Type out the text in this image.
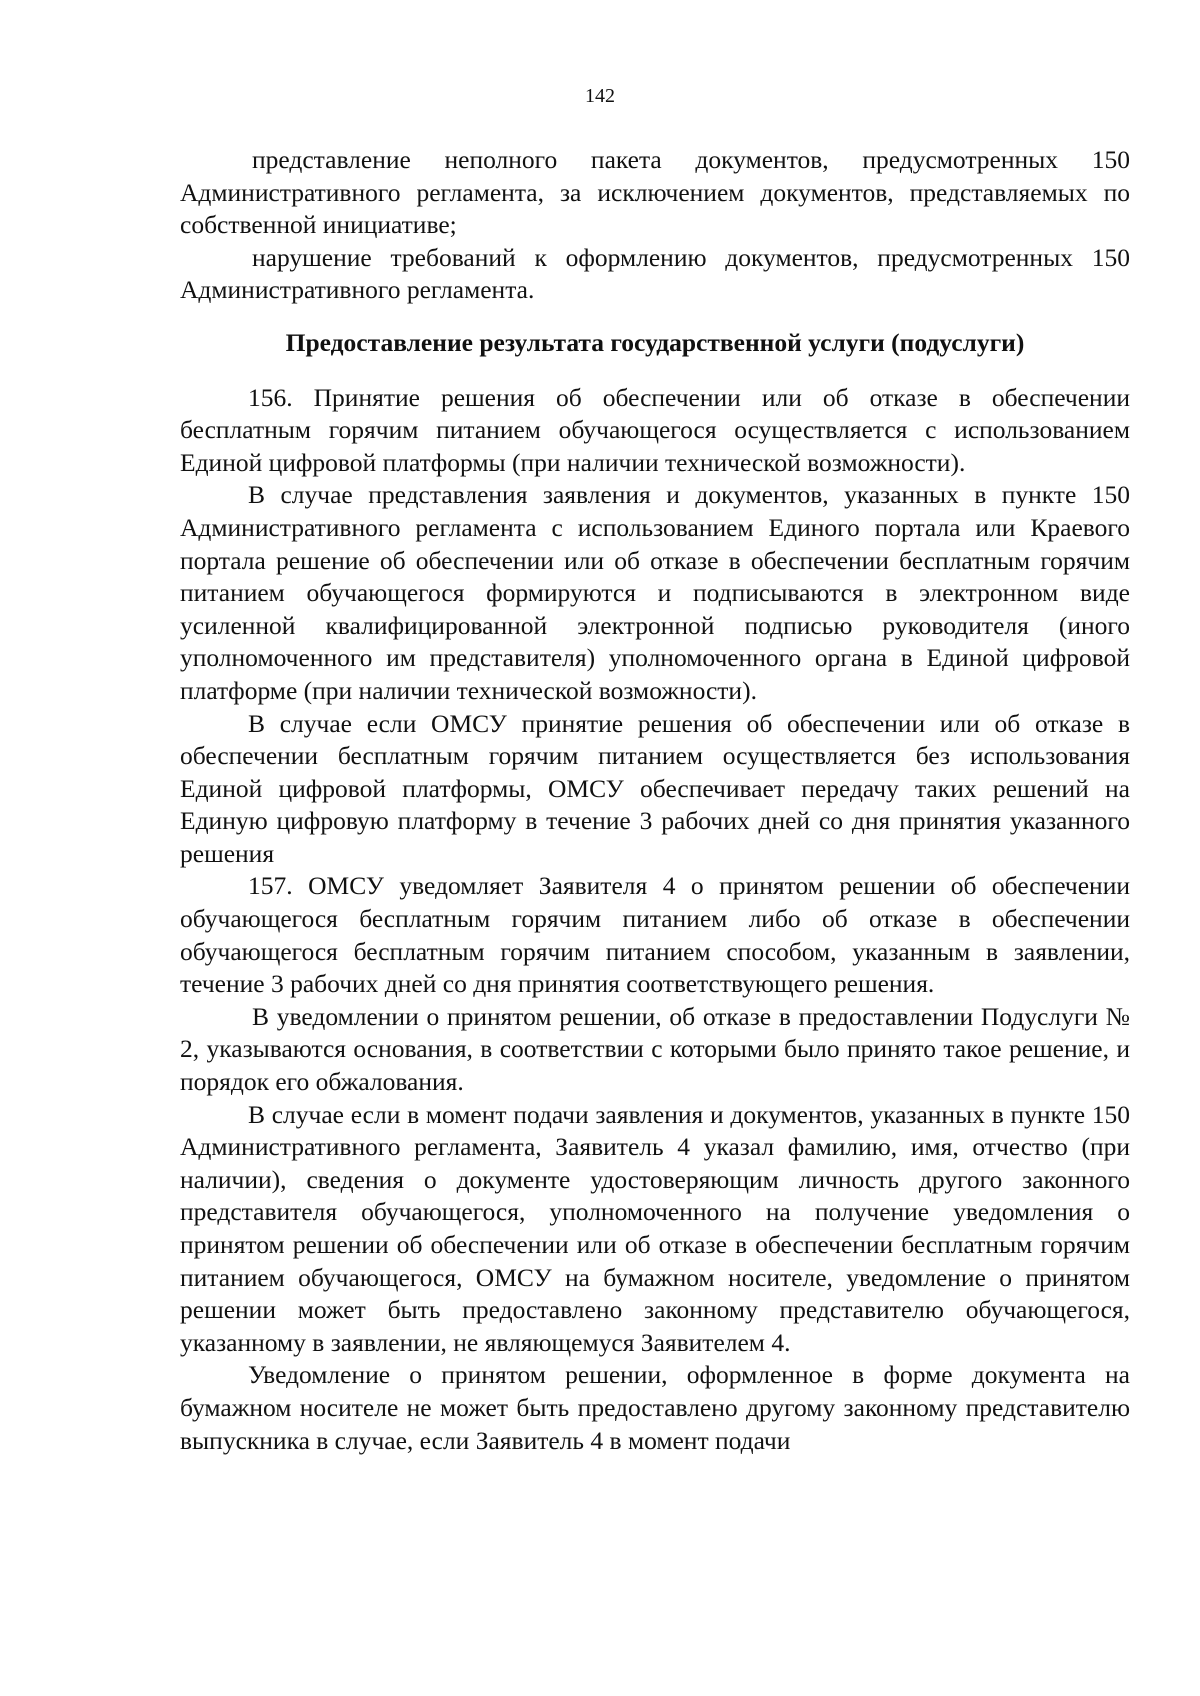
142

представление неполного пакета документов, предусмотренных 150 Административного регламента, за исключением документов, представляемых по собственной инициативе;

нарушение требований к оформлению документов, предусмотренных 150 Административного регламента.

Предоставление результата государственной услуги (подуслуги)

156. Принятие решения об обеспечении или об отказе в обеспечении бесплатным горячим питанием обучающегося осуществляется с использованием Единой цифровой платформы (при наличии технической возможности).

В случае представления заявления и документов, указанных в пункте 150 Административного регламента с использованием Единого портала или Краевого портала решение об обеспечении или об отказе в обеспечении бесплатным горячим питанием обучающегося формируются и подписываются в электронном виде усиленной квалифицированной электронной подписью руководителя (иного уполномоченного им представителя) уполномоченного органа в Единой цифровой платформе (при наличии технической возможности).

В случае если ОМСУ принятие решения об обеспечении или об отказе в обеспечении бесплатным горячим питанием осуществляется без использования Единой цифровой платформы, ОМСУ обеспечивает передачу таких решений на Единую цифровую платформу в течение 3 рабочих дней со дня принятия указанного решения

157. ОМСУ уведомляет Заявителя 4 о принятом решении об обеспечении обучающегося бесплатным горячим питанием либо об отказе в обеспечении обучающегося бесплатным горячим питанием способом, указанным в заявлении, течение 3 рабочих дней со дня принятия соответствующего решения.

В уведомлении о принятом решении, об отказе в предоставлении Подуслуги № 2, указываются основания, в соответствии с которыми было принято такое решение, и порядок его обжалования.

В случае если в момент подачи заявления и документов, указанных в пункте 150 Административного регламента, Заявитель 4 указал фамилию, имя, отчество (при наличии), сведения о документе удостоверяющим личность другого законного представителя обучающегося, уполномоченного на получение уведомления о принятом решении об обеспечении или об отказе в обеспечении бесплатным горячим питанием обучающегося, ОМСУ на бумажном носителе, уведомление о принятом решении может быть предоставлено законному представителю обучающегося, указанному в заявлении, не являющемуся Заявителем 4.

Уведомление о принятом решении, оформленное в форме документа на бумажном носителе не может быть предоставлено другому законному представителю выпускника в случае, если Заявитель 4 в момент подачи
